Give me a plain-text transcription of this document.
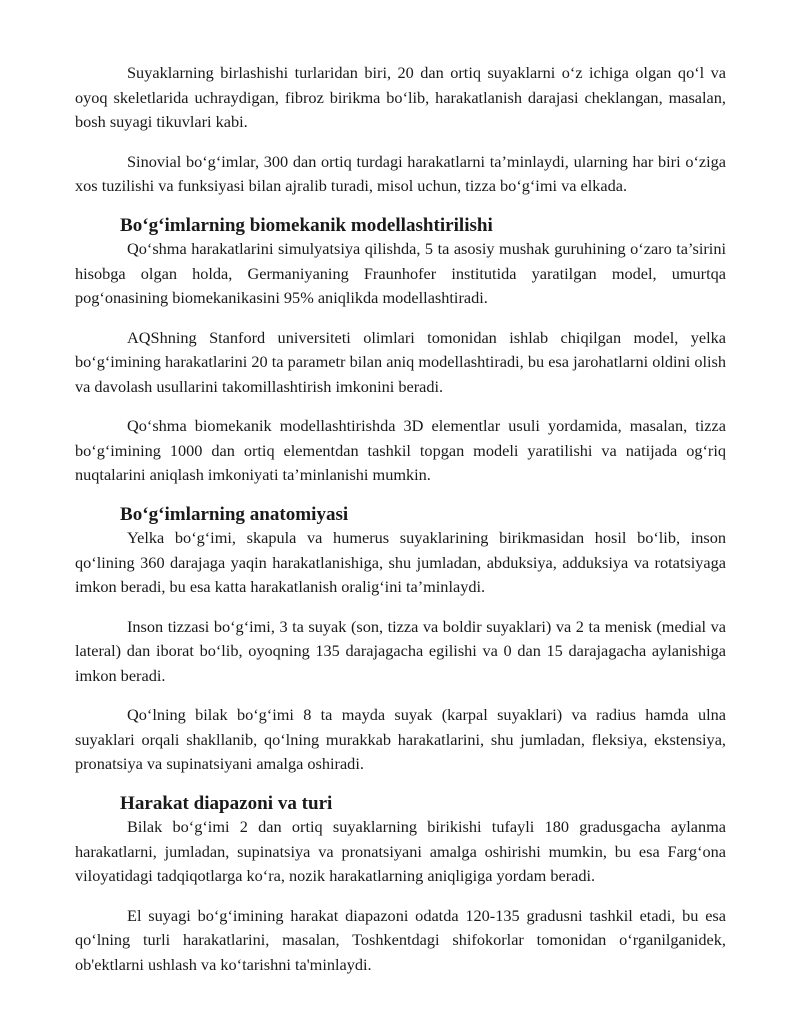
Suyaklarning birlashishi turlaridan biri, 20 dan ortiq suyaklarni o‘z ichiga olgan qo‘l va oyoq skeletlarida uchraydigan, fibroz birikma bo‘lib, harakatlanish darajasi cheklangan, masalan, bosh suyagi tikuvlari kabi.

Sinovial bo‘g‘imlar, 300 dan ortiq turdagi harakatlarni ta’minlaydi, ularning har biri o‘ziga xos tuzilishi va funksiyasi bilan ajralib turadi, misol uchun, tizza bo‘g‘imi va elkada.

Bo‘g‘imlarning biomekanik modellashtirilishi

Qo‘shma harakatlarini simulyatsiya qilishda, 5 ta asosiy mushak guruhining o‘zaro ta’sirini hisobga olgan holda, Germaniyaning Fraunhofer institutida yaratilgan model, umurtqa pog‘onasining biomekanikasini 95% aniqlikda modellashtiradi.

AQShning Stanford universiteti olimlari tomonidan ishlab chiqilgan model, yelka bo‘g‘imining harakatlarini 20 ta parametr bilan aniq modellashtiradi, bu esa jarohatlarni oldini olish va davolash usullarini takomillashtirish imkonini beradi.

Qo‘shma biomekanik modellashtirishda 3D elementlar usuli yordamida, masalan, tizza bo‘g‘imining 1000 dan ortiq elementdan tashkil topgan modeli yaratilishi va natijada og‘riq nuqtalarini aniqlash imkoniyati ta’minlanishi mumkin.

Bo‘g‘imlarning anatomiyasi

Yelka bo‘g‘imi, skapula va humerus suyaklarining birikmasidan hosil bo‘lib, inson qo‘lining 360 darajaga yaqin harakatlanishiga, shu jumladan, abduksiya, adduksiya va rotatsiyaga imkon beradi, bu esa katta harakatlanish oralig‘ini ta’minlaydi.

Inson tizzasi bo‘g‘imi, 3 ta suyak (son, tizza va boldir suyaklari) va 2 ta menisk (medial va lateral) dan iborat bo‘lib, oyoqning 135 darajagacha egilishi va 0 dan 15 darajagacha aylanishiga imkon beradi.

Qo‘lning bilak bo‘g‘imi 8 ta mayda suyak (karpal suyaklari) va radius hamda ulna suyaklari orqali shakllanib, qo‘lning murakkab harakatlarini, shu jumladan, fleksiya, ekstensiya, pronatsiya va supinatsiyani amalga oshiradi.

Harakat diapazoni va turi

Bilak bo‘g‘imi 2 dan ortiq suyaklarning birikishi tufayli 180 gradusgacha aylanma harakatlarni, jumladan, supinatsiya va pronatsiyani amalga oshirishi mumkin, bu esa Farg‘ona viloyatidagi tadqiqotlarga ko‘ra, nozik harakatlarning aniqligiga yordam beradi.

El suyagi bo‘g‘imining harakat diapazoni odatda 120-135 gradusni tashkil etadi, bu esa qo‘lning turli harakatlarini, masalan, Toshkentdagi shifokorlar tomonidan o‘rganilganidek, ob'ektlarni ushlash va ko‘tarishni ta'minlaydi.
